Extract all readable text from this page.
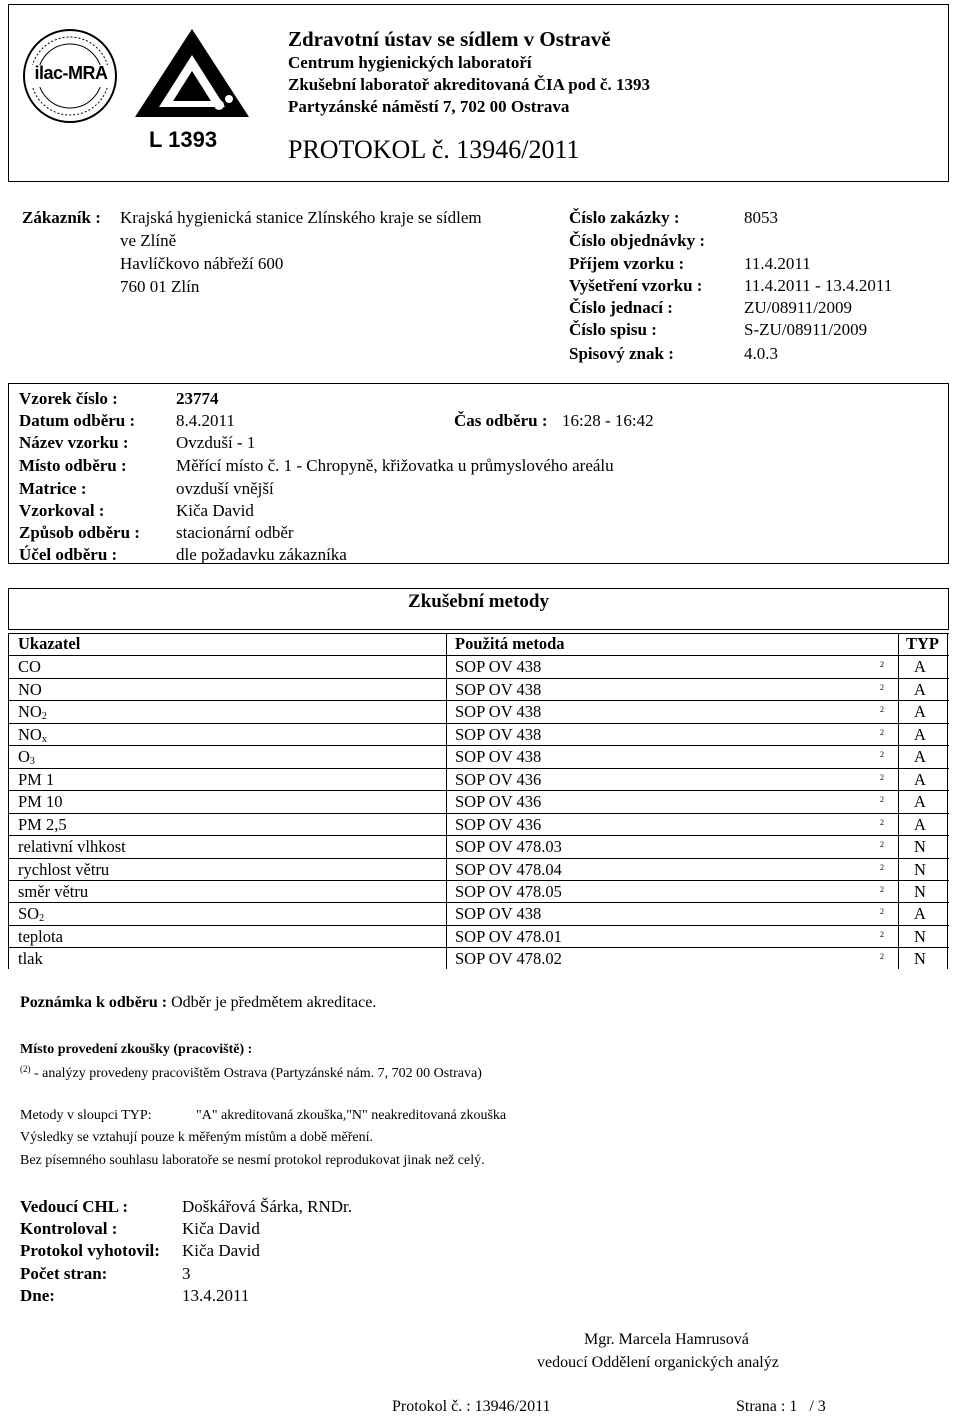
ilac-MRA
L 1393
Zdravotní ústav se sídlem v Ostravě
Centrum hygienických laboratoří
Zkušební laboratoř akreditovaná ČIA pod č. 1393
Partyzánské náměstí 7, 702 00 Ostrava
PROTOKOL č. 13946/2011
Zákazník : Krajská hygienická stanice Zlínského kraje se sídlem
ve Zlíně
Havlíčkovo nábřeží 600
760 01 Zlín
Číslo zakázky :	8053
Číslo objednávky :
Příjem vzorku :	11.4.2011
Vyšetření vzorku : 11.4.2011 - 13.4.2011
Číslo jednací :	ZU/08911/2009
Číslo spisu :	S-ZU/08911/2009
Spisový znak :	4.0.3
Vzorek číslo :	23774
Datum odběru : 8.4.2011	Čas odběru : 16:28 - 16:42
Název vzorku :	Ovzduší - 1
Místo odběru :	Měřící místo č. 1 - Chropyně, křižovatka u průmyslového areálu
Matrice :	ovzduší vnější
Vzorkoval :	Kiča David
Způsob odběru : stacionární odběr
Účel odběru :	dle požadavku zákazníka
Zkušební metody
Ukazatel	Použitá metoda	TYP
CO	SOP OV 438	2 A
NO	SOP OV 438	2 A
$NO_2$	SOP OV 438	2 A
$NO_x$	SOP OV 438	2 A
$O_3$	SOP OV 438	2 A
PM 1	SOP OV 436	2 A
PM 10	SOP OV 436	2 A
PM 2,5	SOP OV 436	2 A
relativní vlhkost	SOP OV 478.03	2 N
rychlost větru	SOP OV 478.04	2 N
směr větru	SOP OV 478.05	2 N
$SO_2$	SOP OV 438	2 A
teplota	SOP OV 478.01	2 N
tlak	SOP OV 478.02	2 N
Poznámka k odběru : Odběr je předmětem akreditace.
Místo provedení zkoušky (pracoviště) :
$^{(2)}$ - analýzy provedeny pracovištěm Ostrava (Partyzánské nám. 7, 702 00 Ostrava)
Metody v sloupci TYP:	"A" akreditovaná zkouška,"N" neakreditovaná zkouška
Výsledky se vztahují pouze k měřeným místům a době měření.
Bez písemného souhlasu laboratoře se nesmí protokol reprodukovat jinak než celý.
Vedoucí CHL :	Doškářová Šárka, RNDr.
Kontroloval :	Kiča David
Protokol vyhotovil: Kiča David
Počet stran:	3
Dne:	13.4.2011
Mgr. Marcela Hamrusová
vedoucí Oddělení organických analýz
Protokol č. : 13946/2011	Strana : 1   / 3
